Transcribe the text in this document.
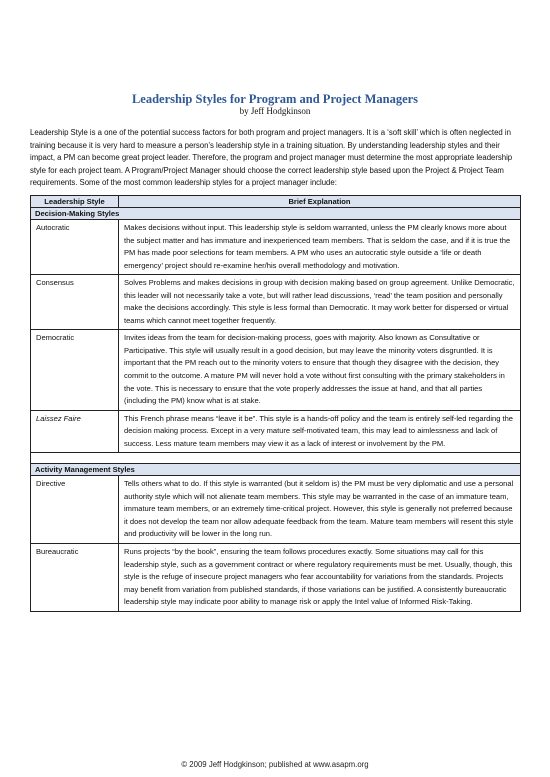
Leadership Styles for Program and Project Managers
by Jeff Hodgkinson
Leadership Style is a one of the potential success factors for both program and project managers. It is a ‘soft skill’ which is often neglected in training because it is very hard to measure a person’s leadership style in a training situation. By understanding leadership styles and their impact, a PM can become great project leader. Therefore, the program and project manager must determine the most appropriate leadership style for each project team. A Program/Project Manager should choose the correct leadership style based upon the Project & Project Team requirements. Some of the most common leadership styles for a project manager include:
Leadership Style	Brief Explanation
Decision-Making Styles	
Autocratic	Makes decisions without input. This leadership style is seldom warranted, unless the PM clearly knows more about the subject matter and has immature and inexperienced team members. That is seldom the case, and if it is true the PM has made poor selections for team members. A PM who uses an autocratic style outside a ‘life or death emergency’ project should re-examine her/his overall methodology and motivation.
Consensus	Solves Problems and makes decisions in group with decision making based on group agreement. Unlike Democratic, this leader will not necessarily take a vote, but will rather lead discussions, ‘read’ the team position and personally make the decisions accordingly. This style is less formal than Democratic. It may work better for dispersed or virtual teams which cannot meet together frequently.
Democratic	Invites ideas from the team for decision-making process, goes with majority. Also known as Consultative or Participative. This style will usually result in a good decision, but may leave the minority voters disgruntled. It is important that the PM reach out to the minority voters to ensure that though they disagree with the decision, they commit to the outcome. A mature PM will never hold a vote without first consulting with the primary stakeholders in the vote. This is necessary to ensure that the vote properly addresses the issue at hand, and that all parties (including the PM) know what is at stake.
Laissez Faire	This French phrase means “leave it be”. This style is a hands-off policy and the team is entirely self-led regarding the decision making process. Except in a very mature self-motivated team, this may lead to aimlessness and lack of success. Less mature team members may view it as a lack of interest or involvement by the PM.

Activity Management Styles	
Directive	Tells others what to do. If this style is warranted (but it seldom is) the PM must be very diplomatic and use a personal authority style which will not alienate team members. This style may be warranted in the case of an immature team, immature team members, or an extremely time-critical project. However, this style is generally not preferred because it does not develop the team nor allow adequate feedback from the team. Mature team members will resent this style and productivity will be lower in the long run.
Bureaucratic	Runs projects “by the book”, ensuring the team follows procedures exactly. Some situations may call for this leadership style, such as a government contract or where regulatory requirements must be met. Usually, though, this style is the refuge of insecure project managers who fear accountability for variations from the standards. Projects may benefit from variation from published standards, if those variations can be justified. A consistently bureaucratic leadership style may indicate poor ability to manage risk or apply the Intel value of Informed Risk-Taking.
© 2009 Jeff Hodgkinson; published at www.asapm.org
